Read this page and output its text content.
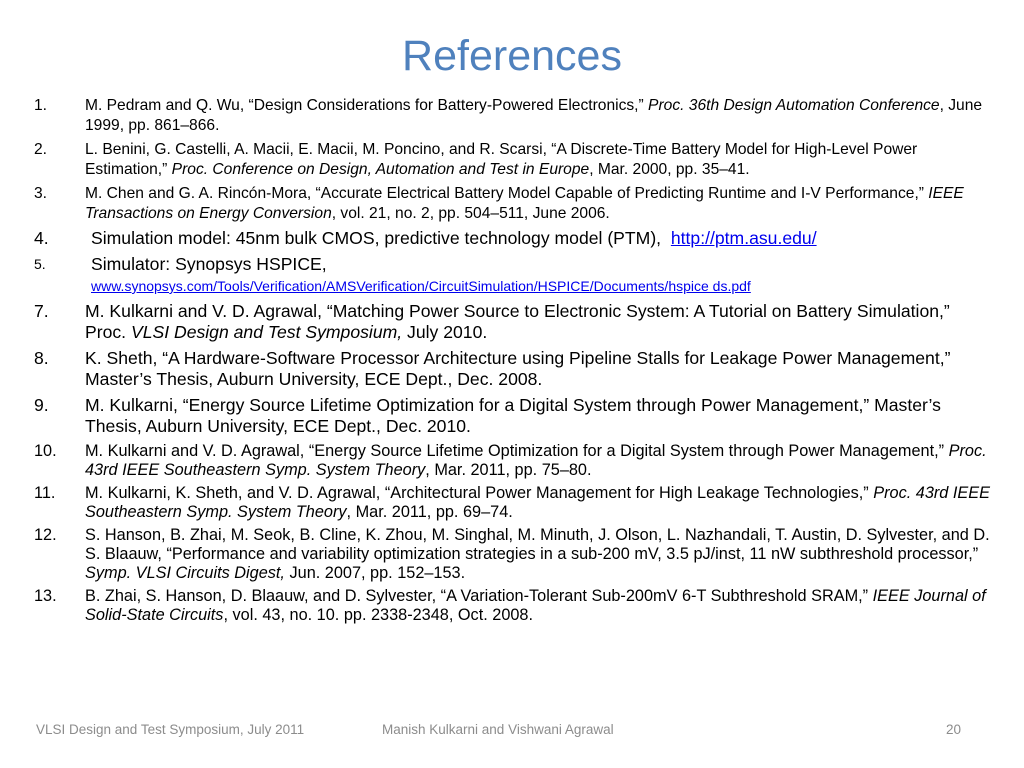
References
1.	M. Pedram and Q. Wu, “Design Considerations for Battery-Powered Electronics,” Proc. 36th Design Automation Conference, June 1999, pp. 861–866.
2.	L. Benini, G. Castelli, A. Macii, E. Macii, M. Poncino, and R. Scarsi, “A Discrete-Time Battery Model for High-Level Power Estimation,” Proc. Conference on Design, Automation and Test in Europe, Mar. 2000, pp. 35–41.
3.	M. Chen and G. A. Rincón-Mora, “Accurate Electrical Battery Model Capable of Predicting Runtime and I-V Performance,” IEEE Transactions on Energy Conversion, vol. 21, no. 2, pp. 504–511, June 2006.
4.	Simulation model: 45nm bulk CMOS, predictive technology model (PTM), http://ptm.asu.edu/
5.	Simulator: Synopsys HSPICE,
www.synopsys.com/Tools/Verification/AMSVerification/CircuitSimulation/HSPICE/Documents/hspice ds.pdf
7.	M. Kulkarni and V. D. Agrawal, “Matching Power Source to Electronic System: A Tutorial on Battery Simulation,” Proc. VLSI Design and Test Symposium, July 2010.
8.	K. Sheth, “A Hardware-Software Processor Architecture using Pipeline Stalls for Leakage Power Management,” Master’s Thesis, Auburn University, ECE Dept., Dec. 2008.
9.	M. Kulkarni, “Energy Source Lifetime Optimization for a Digital System through Power Management,” Master’s Thesis, Auburn University, ECE Dept., Dec. 2010.
10.	M. Kulkarni and V. D. Agrawal, “Energy Source Lifetime Optimization for a Digital System through Power Management,” Proc. 43rd IEEE Southeastern Symp. System Theory, Mar. 2011, pp. 75–80.
11.	M. Kulkarni, K. Sheth, and V. D. Agrawal, “Architectural Power Management for High Leakage Technologies,” Proc. 43rd IEEE Southeastern Symp. System Theory, Mar. 2011, pp. 69–74.
12.	S. Hanson, B. Zhai, M. Seok, B. Cline, K. Zhou, M. Singhal, M. Minuth, J. Olson, L. Nazhandali, T. Austin, D. Sylvester, and D. S. Blaauw, “Performance and variability optimization strategies in a sub-200 mV, 3.5 pJ/inst, 11 nW subthreshold processor,” Symp. VLSI Circuits Digest, Jun. 2007, pp. 152–153.
13.	B. Zhai, S. Hanson, D. Blaauw, and D. Sylvester, “A Variation-Tolerant Sub-200mV 6-T Subthreshold SRAM,” IEEE Journal of Solid-State Circuits, vol. 43, no. 10. pp. 2338-2348, Oct. 2008.
VLSI Design and Test Symposium, July 2011	Manish Kulkarni and Vishwani Agrawal	20
